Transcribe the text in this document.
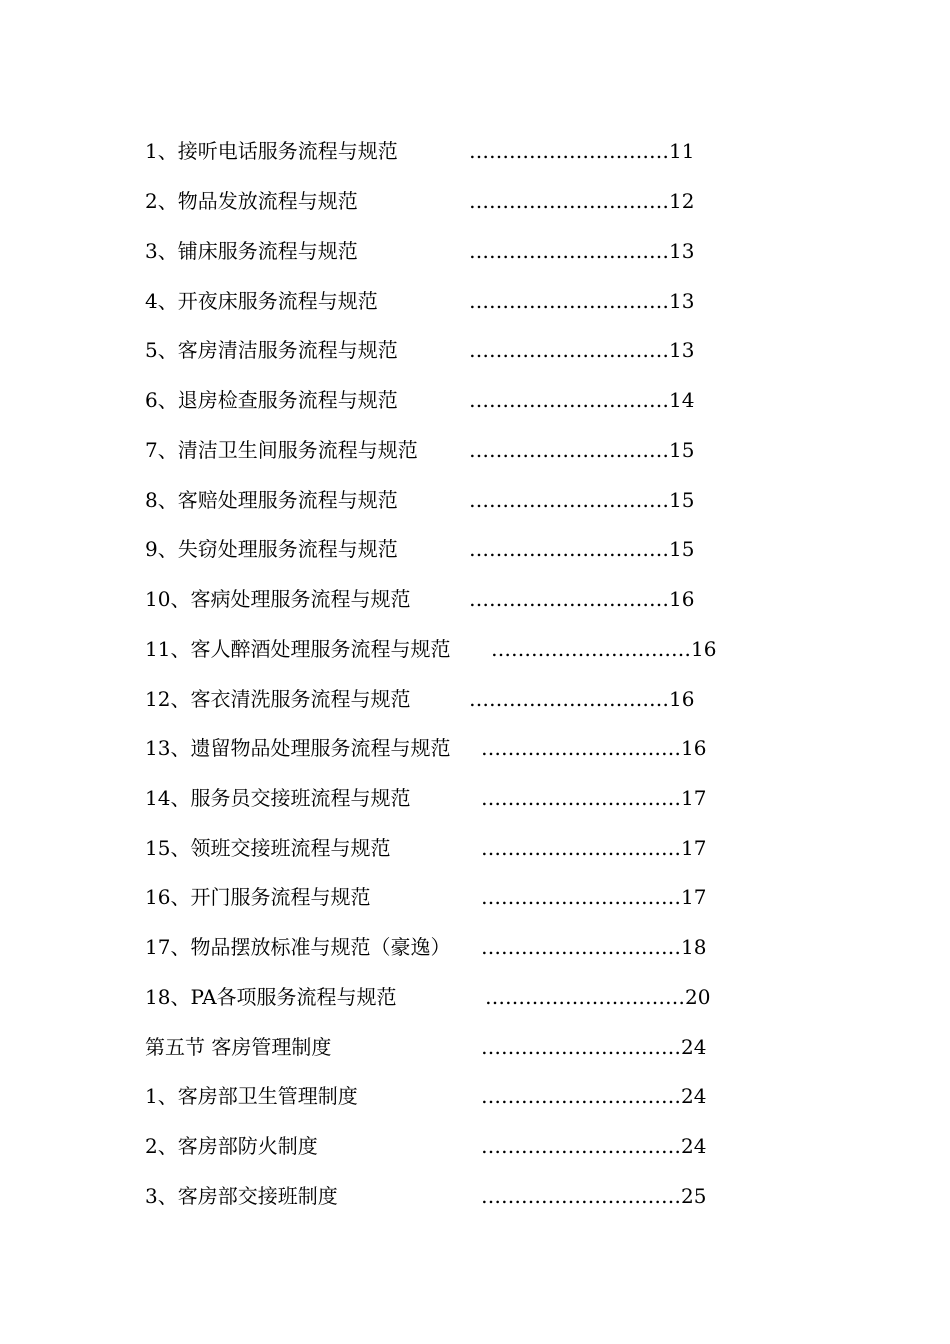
1、接听电话服务流程与规范	…………………………11
2、物品发放流程与规范	…………………………12
3、铺床服务流程与规范	…………………………13
4、开夜床服务流程与规范	…………………………13
5、客房清洁服务流程与规范	…………………………13
6、退房检查服务流程与规范	…………………………14
7、清洁卫生间服务流程与规范	…………………………15
8、客赔处理服务流程与规范	…………………………15
9、失窃处理服务流程与规范	…………………………15
10、客病处理服务流程与规范	…………………………16
11、客人醉酒处理服务流程与规范 …………………………16
12、客衣清洗服务流程与规范	…………………………16
13、遗留物品处理服务流程与规范 …………………………16
14、服务员交接班流程与规范	…………………………17
15、领班交接班流程与规范	…………………………17
16、开门服务流程与规范	…………………………17
17、物品摆放标准与规范（豪逸） …………………………18
18、PA各项服务流程与规范	…………………………20
第五节 客房管理制度	…………………………24
1、客房部卫生管理制度	…………………………24
2、客房部防火制度	…………………………24
3、客房部交接班制度	…………………………25
